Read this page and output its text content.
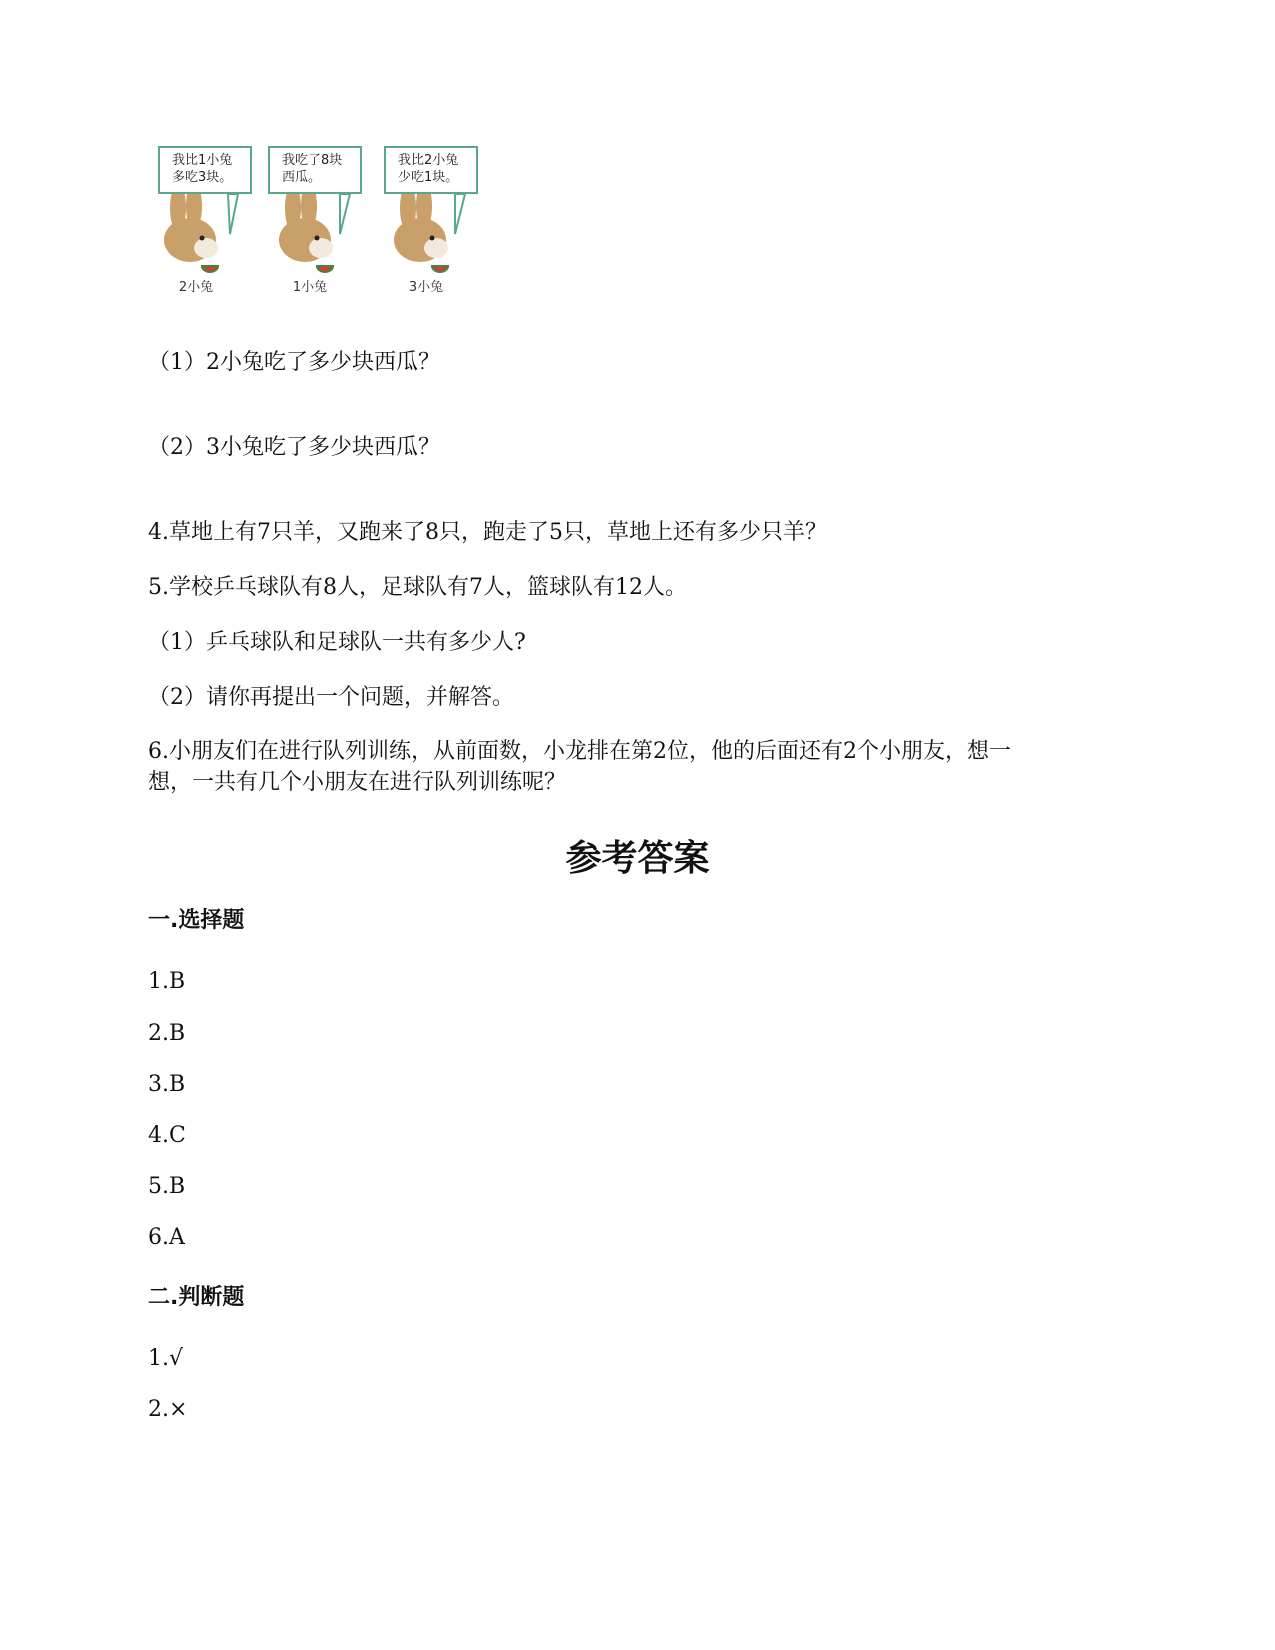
我比1小兔
多吃3块。
我吃了8块
西瓜。
我比2小兔
少吃1块。
2小兔	1小兔	3小兔
（1）2小兔吃了多少块西瓜？
（2）3小兔吃了多少块西瓜？
4.草地上有7只羊，又跑来了8只，跑走了5只，草地上还有多少只羊？
5.学校乒乓球队有8人，足球队有7人，篮球队有12人。
（1）乒乓球队和足球队一共有多少人?
（2）请你再提出一个问题，并解答。
6.小朋友们在进行队列训练，从前面数，小龙排在第2位，他的后面还有2个小朋友，想一
想，一共有几个小朋友在进行队列训练呢？
参考答案
一.选择题
1.B
2.B
3.B
4.C
5.B
6.A
二.判断题
1.√
2.×
